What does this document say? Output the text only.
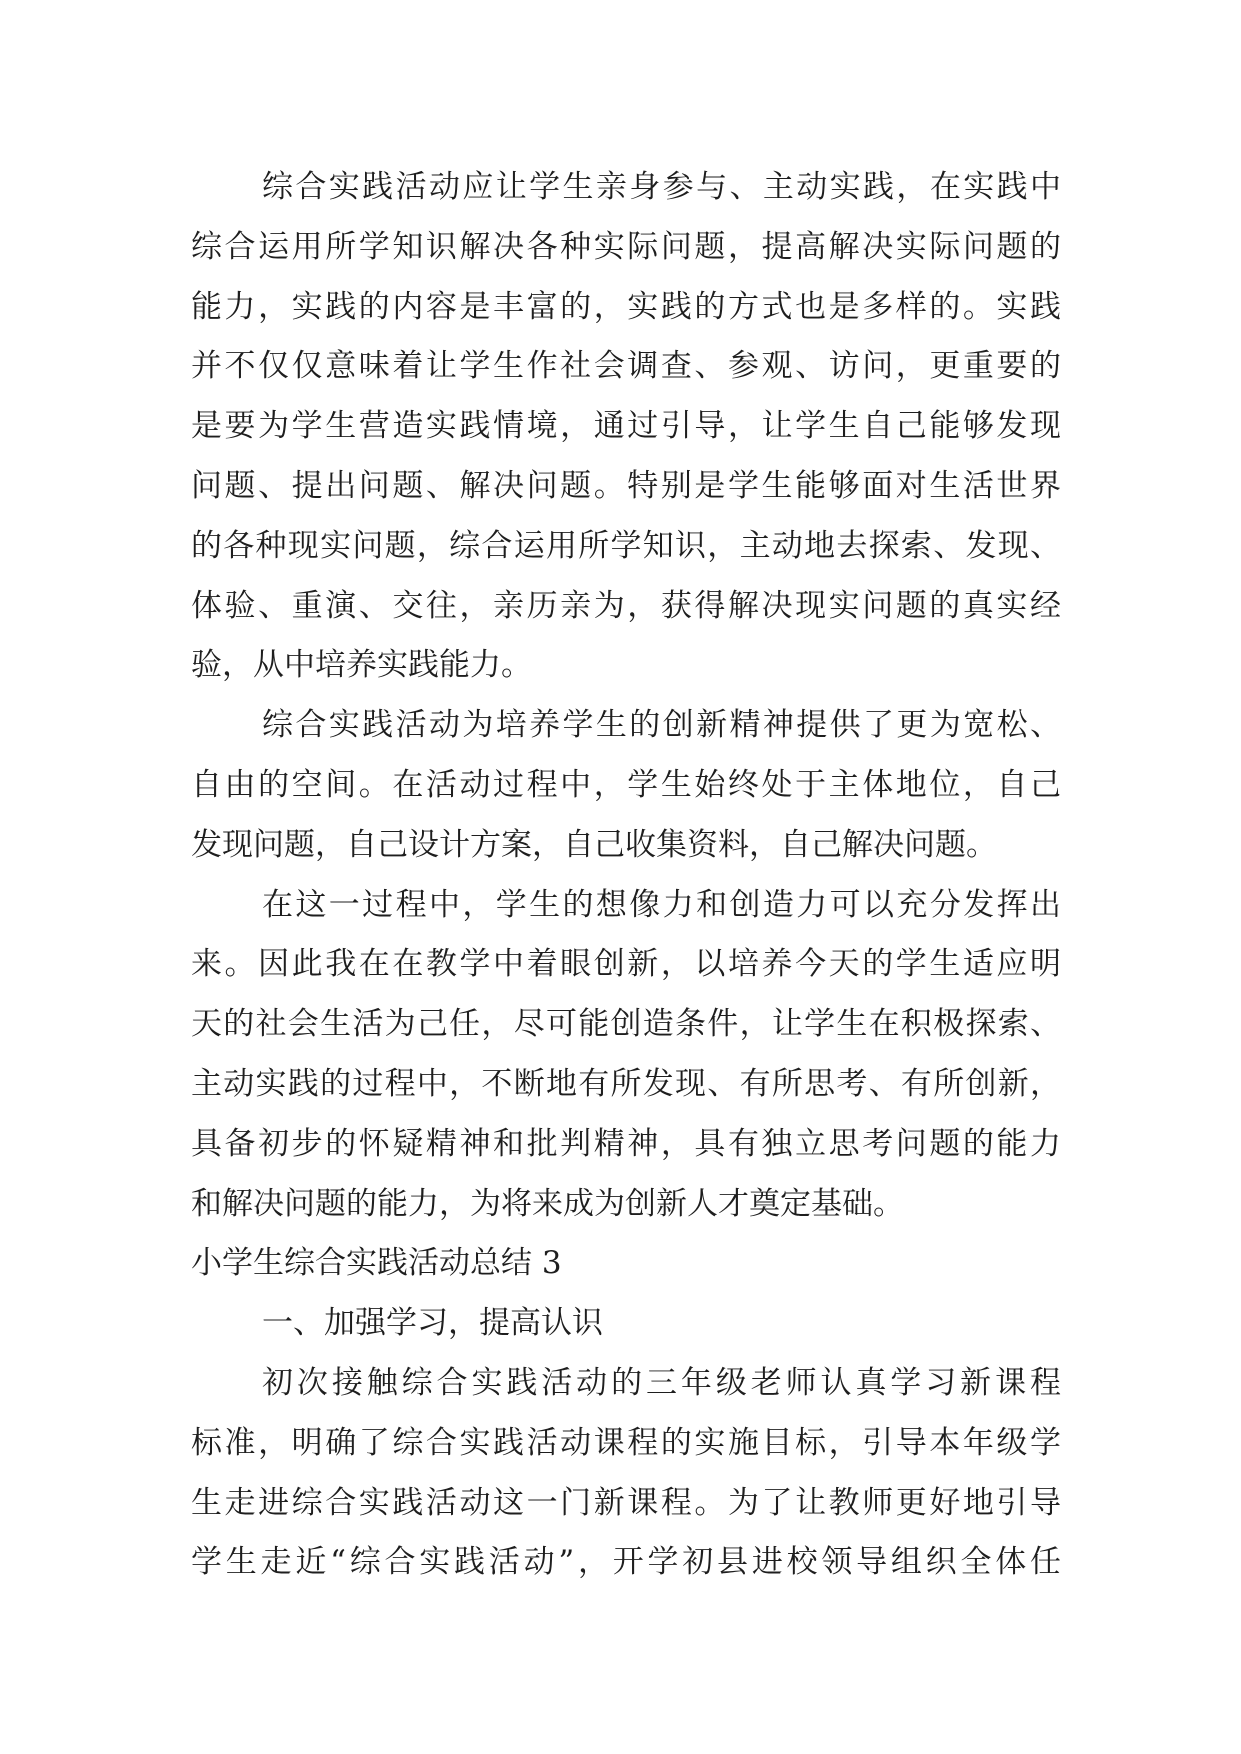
综合实践活动应让学生亲身参与、主动实践，在实践中
综合运用所学知识解决各种实际问题，提高解决实际问题的
能力，实践的内容是丰富的，实践的方式也是多样的。实践
并不仅仅意味着让学生作社会调查、参观、访问，更重要的
是要为学生营造实践情境，通过引导，让学生自己能够发现
问题、提出问题、解决问题。特别是学生能够面对生活世界
的各种现实问题，综合运用所学知识，主动地去探索、发现、
体验、重演、交往，亲历亲为，获得解决现实问题的真实经
验，从中培养实践能力。
综合实践活动为培养学生的创新精神提供了更为宽松、
自由的空间。在活动过程中，学生始终处于主体地位，自己
发现问题，自己设计方案，自己收集资料，自己解决问题。
在这一过程中，学生的想像力和创造力可以充分发挥出
来。因此我在在教学中着眼创新，以培养今天的学生适应明
天的社会生活为己任，尽可能创造条件，让学生在积极探索、
主动实践的过程中，不断地有所发现、有所思考、有所创新，
具备初步的怀疑精神和批判精神，具有独立思考问题的能力
和解决问题的能力，为将来成为创新人才奠定基础。
小学生综合实践活动总结 3
一、加强学习，提高认识
初次接触综合实践活动的三年级老师认真学习新课程
标准，明确了综合实践活动课程的实施目标，引导本年级学
生走进综合实践活动这一门新课程。为了让教师更好地引导
学生走近“综合实践活动”，开学初县进校领导组织全体任
